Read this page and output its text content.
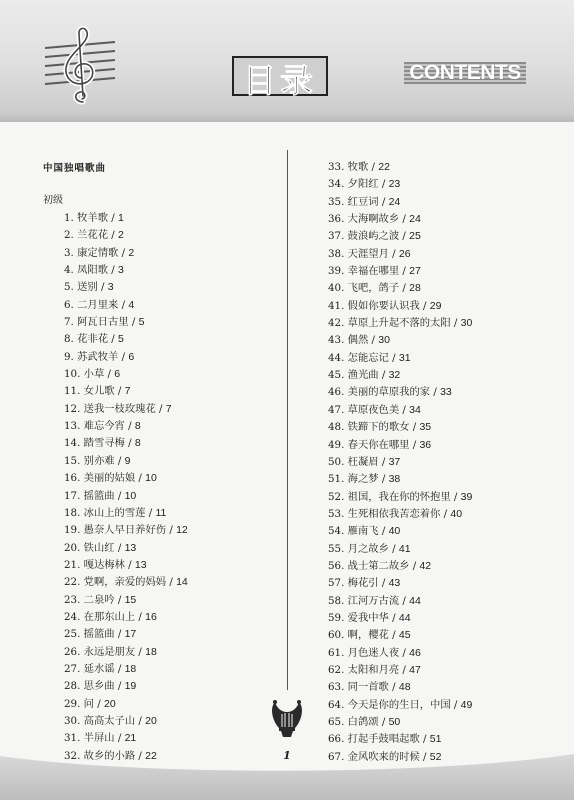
目录	CONTENTS
中国独唱歌曲
初级
1. 牧羊歌 / 1
2. 兰花花 / 2
3. 康定情歌 / 2
4. 凤阳歌 / 3
5. 送别 / 3
6. 二月里来 / 4
7. 阿瓦日古里 / 5
8. 花非花 / 5
9. 苏武牧羊 / 6
10. 小草 / 6
11. 女儿歌 / 7
12. 送我一枝玫瑰花 / 7
13. 难忘今宵 / 8
14. 踏雪寻梅 / 8
15. 别亦难 / 9
16. 美丽的姑娘 / 10
17. 摇篮曲 / 10
18. 冰山上的雪莲 / 11
19. 愚奈人早日养好伤 / 12
20. 铁山红 / 13
21. 嘎达梅林 / 13
22. 党啊，亲爱的妈妈 / 14
23. 二泉吟 / 15
24. 在那东山上 / 16
25. 摇篮曲 / 17
26. 永远是朋友 / 18
27. 延水谣 / 18
28. 思乡曲 / 19
29. 问 / 20
30. 高高太子山 / 20
31. 半屏山 / 21
32. 故乡的小路 / 22
33. 牧歌 / 22
34. 夕阳红 / 23
35. 红豆词 / 24
36. 大海啊故乡 / 24
37. 鼓浪屿之波 / 25
38. 天涯望月 / 26
39. 幸福在哪里 / 27
40. 飞吧，鸽子 / 28
41. 假如你要认识我 / 29
42. 草原上升起不落的太阳 / 30
43. 偶然 / 30
44. 怎能忘记 / 31
45. 渔光曲 / 32
46. 美丽的草原我的家 / 33
47. 草原夜色美 / 34
48. 铁蹄下的歌女 / 35
49. 春天你在哪里 / 36
50. 枉凝眉 / 37
51. 海之梦 / 38
52. 祖国，我在你的怀抱里 / 39
53. 生死相依我苦恋着你 / 40
54. 雁南飞 / 40
55. 月之故乡 / 41
56. 战士第二故乡 / 42
57. 梅花引 / 43
58. 江河万古流 / 44
59. 爱我中华 / 44
60. 啊，樱花 / 45
61. 月色迷人夜 / 46
62. 太阳和月亮 / 47
63. 同一首歌 / 48
64. 今天是你的生日，中国 / 49
65. 白鸽颂 / 50
66. 打起手鼓唱起歌 / 51
67. 金风吹来的时候 / 52
1
